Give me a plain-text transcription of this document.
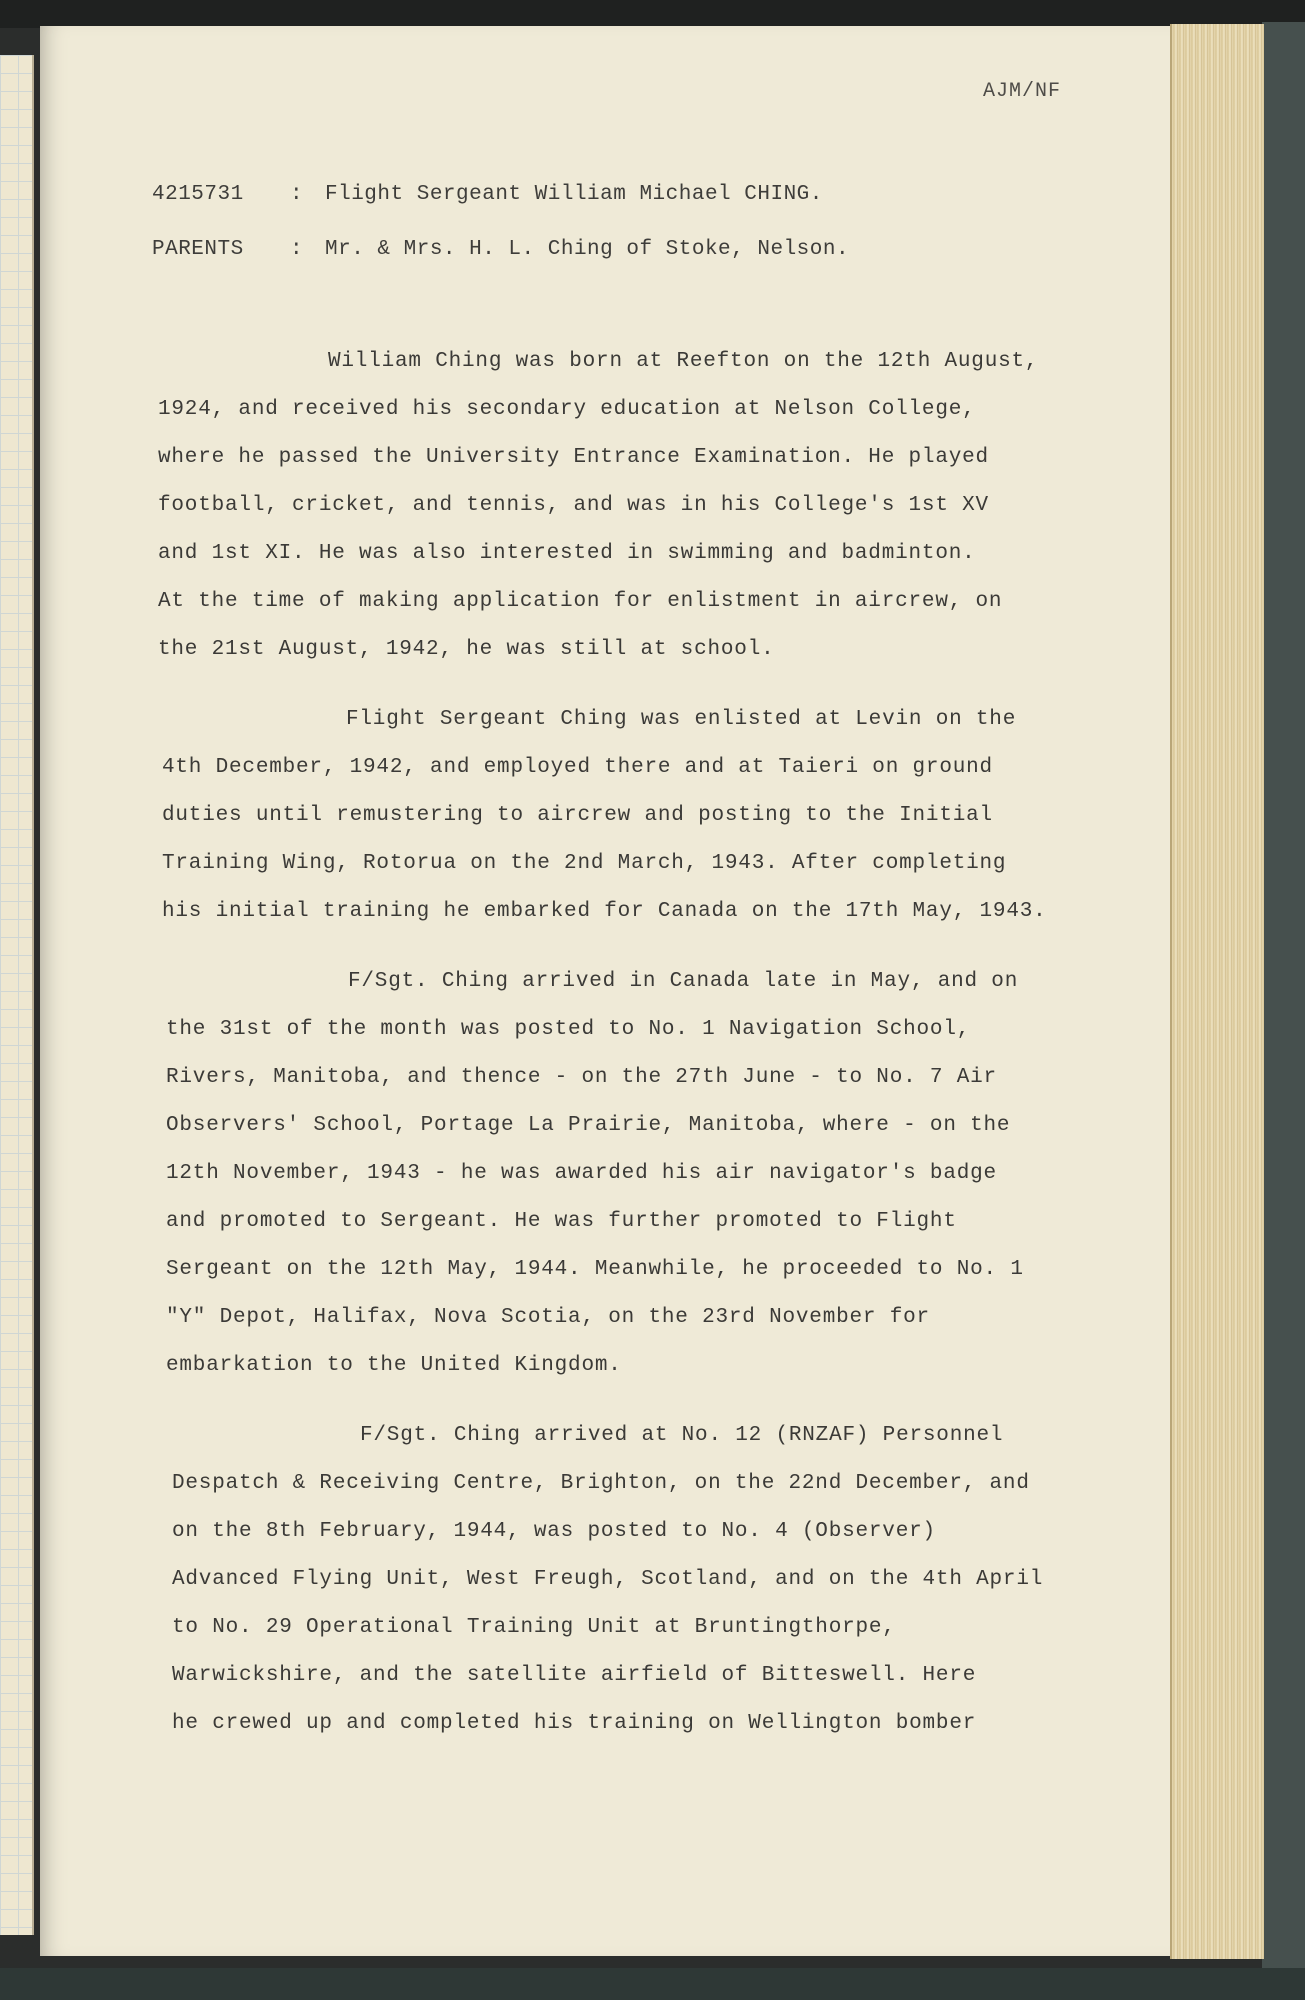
AJM/NF
4215731 : Flight Sergeant William Michael CHING.
PARENTS : Mr. & Mrs. H. L. Ching of Stoke, Nelson.
William Ching was born at Reefton on the 12th August,
1924, and received his secondary education at Nelson College,
where he passed the University Entrance Examination. He played
football, cricket, and tennis, and was in his College's 1st XV
and 1st XI. He was also interested in swimming and badminton.
At the time of making application for enlistment in aircrew, on
the 21st August, 1942, he was still at school.
Flight Sergeant Ching was enlisted at Levin on the
4th December, 1942, and employed there and at Taieri on ground
duties until remustering to aircrew and posting to the Initial
Training Wing, Rotorua on the 2nd March, 1943. After completing
his initial training he embarked for Canada on the 17th May, 1943.
F/Sgt. Ching arrived in Canada late in May, and on
the 31st of the month was posted to No. 1 Navigation School,
Rivers, Manitoba, and thence - on the 27th June - to No. 7 Air
Observers' School, Portage La Prairie, Manitoba, where - on the
12th November, 1943 - he was awarded his air navigator's badge
and promoted to Sergeant. He was further promoted to Flight
Sergeant on the 12th May, 1944. Meanwhile, he proceeded to No. 1
"Y" Depot, Halifax, Nova Scotia, on the 23rd November for
embarkation to the United Kingdom.
F/Sgt. Ching arrived at No. 12 (RNZAF) Personnel
Despatch & Receiving Centre, Brighton, on the 22nd December, and
on the 8th February, 1944, was posted to No. 4 (Observer)
Advanced Flying Unit, West Freugh, Scotland, and on the 4th April
to No. 29 Operational Training Unit at Bruntingthorpe,
Warwickshire, and the satellite airfield of Bitteswell. Here
he crewed up and completed his training on Wellington bomber
